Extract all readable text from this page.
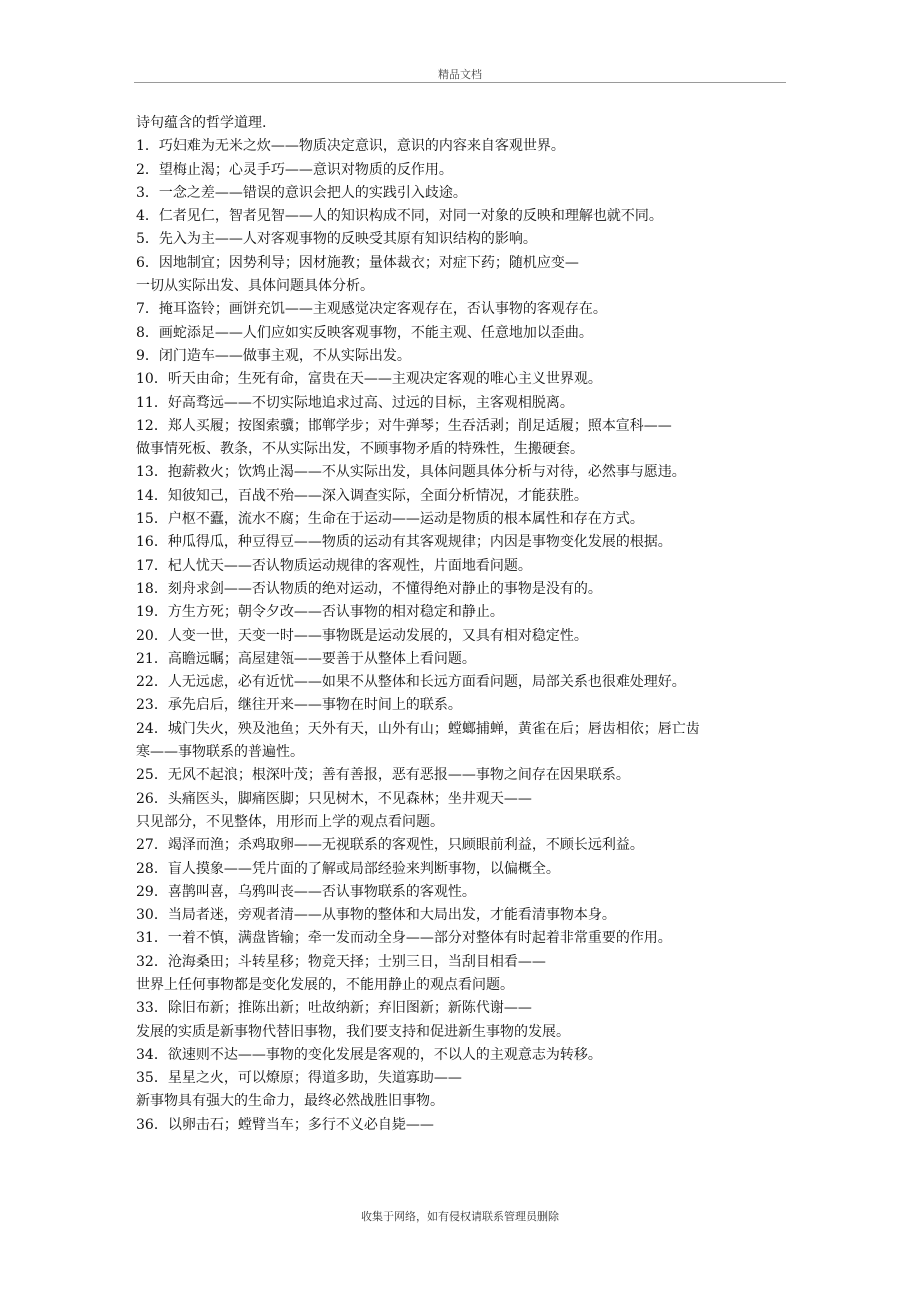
精品文档
诗句蕴含的哲学道理.
1．巧妇难为无米之炊——物质决定意识，意识的内容来自客观世界。
2．望梅止渴；心灵手巧——意识对物质的反作用。
3．一念之差——错误的意识会把人的实践引入歧途。
4．仁者见仁，智者见智——人的知识构成不同，对同一对象的反映和理解也就不同。
5．先入为主——人对客观事物的反映受其原有知识结构的影响。
6．因地制宜；因势利导；因材施教；量体裁衣；对症下药；随机应变—
一切从实际出发、具体问题具体分析。
7．掩耳盗铃；画饼充饥——主观感觉决定客观存在，否认事物的客观存在。
8．画蛇添足——人们应如实反映客观事物，不能主观、任意地加以歪曲。
9．闭门造车——做事主观，不从实际出发。
10．听天由命；生死有命，富贵在天——主观决定客观的唯心主义世界观。
11．好高骛远——不切实际地追求过高、过远的目标，主客观相脱离。
12．郑人买履；按图索骥；邯郸学步；对牛弹琴；生吞活剥；削足适履；照本宣科——
做事情死板、教条，不从实际出发，不顾事物矛盾的特殊性，生搬硬套。
13．抱薪救火；饮鸩止渴——不从实际出发，具体问题具体分析与对待，必然事与愿违。
14．知彼知己，百战不殆——深入调查实际，全面分析情况，才能获胜。
15．户枢不蠹，流水不腐；生命在于运动——运动是物质的根本属性和存在方式。
16．种瓜得瓜，种豆得豆——物质的运动有其客观规律；内因是事物变化发展的根据。
17．杞人忧天——否认物质运动规律的客观性，片面地看问题。
18．刻舟求剑——否认物质的绝对运动，不懂得绝对静止的事物是没有的。
19．方生方死；朝令夕改——否认事物的相对稳定和静止。
20．人变一世，天变一时——事物既是运动发展的，又具有相对稳定性。
21．高瞻远瞩；高屋建瓴——要善于从整体上看问题。
22．人无远虑，必有近忧——如果不从整体和长远方面看问题，局部关系也很难处理好。
23．承先启后，继往开来——事物在时间上的联系。
24．城门失火，殃及池鱼；天外有天，山外有山；螳螂捕蝉，黄雀在后；唇齿相依；唇亡齿
寒——事物联系的普遍性。
25．无风不起浪；根深叶茂；善有善报，恶有恶报——事物之间存在因果联系。
26．头痛医头，脚痛医脚；只见树木，不见森林；坐井观天——
只见部分，不见整体，用形而上学的观点看问题。
27．竭泽而渔；杀鸡取卵——无视联系的客观性，只顾眼前利益，不顾长远利益。
28．盲人摸象——凭片面的了解或局部经验来判断事物，以偏概全。
29．喜鹊叫喜，乌鸦叫丧——否认事物联系的客观性。
30．当局者迷，旁观者清——从事物的整体和大局出发，才能看清事物本身。
31．一着不慎，满盘皆输；牵一发而动全身——部分对整体有时起着非常重要的作用。
32．沧海桑田；斗转星移；物竞天择；士别三日，当刮目相看——
世界上任何事物都是变化发展的，不能用静止的观点看问题。
33．除旧布新；推陈出新；吐故纳新；弃旧图新；新陈代谢——
发展的实质是新事物代替旧事物，我们要支持和促进新生事物的发展。
34．欲速则不达——事物的变化发展是客观的，不以人的主观意志为转移。
35．星星之火，可以燎原；得道多助，失道寡助——
新事物具有强大的生命力，最终必然战胜旧事物。
36．以卵击石；螳臂当车；多行不义必自毙——
收集于网络，如有侵权请联系管理员删除
